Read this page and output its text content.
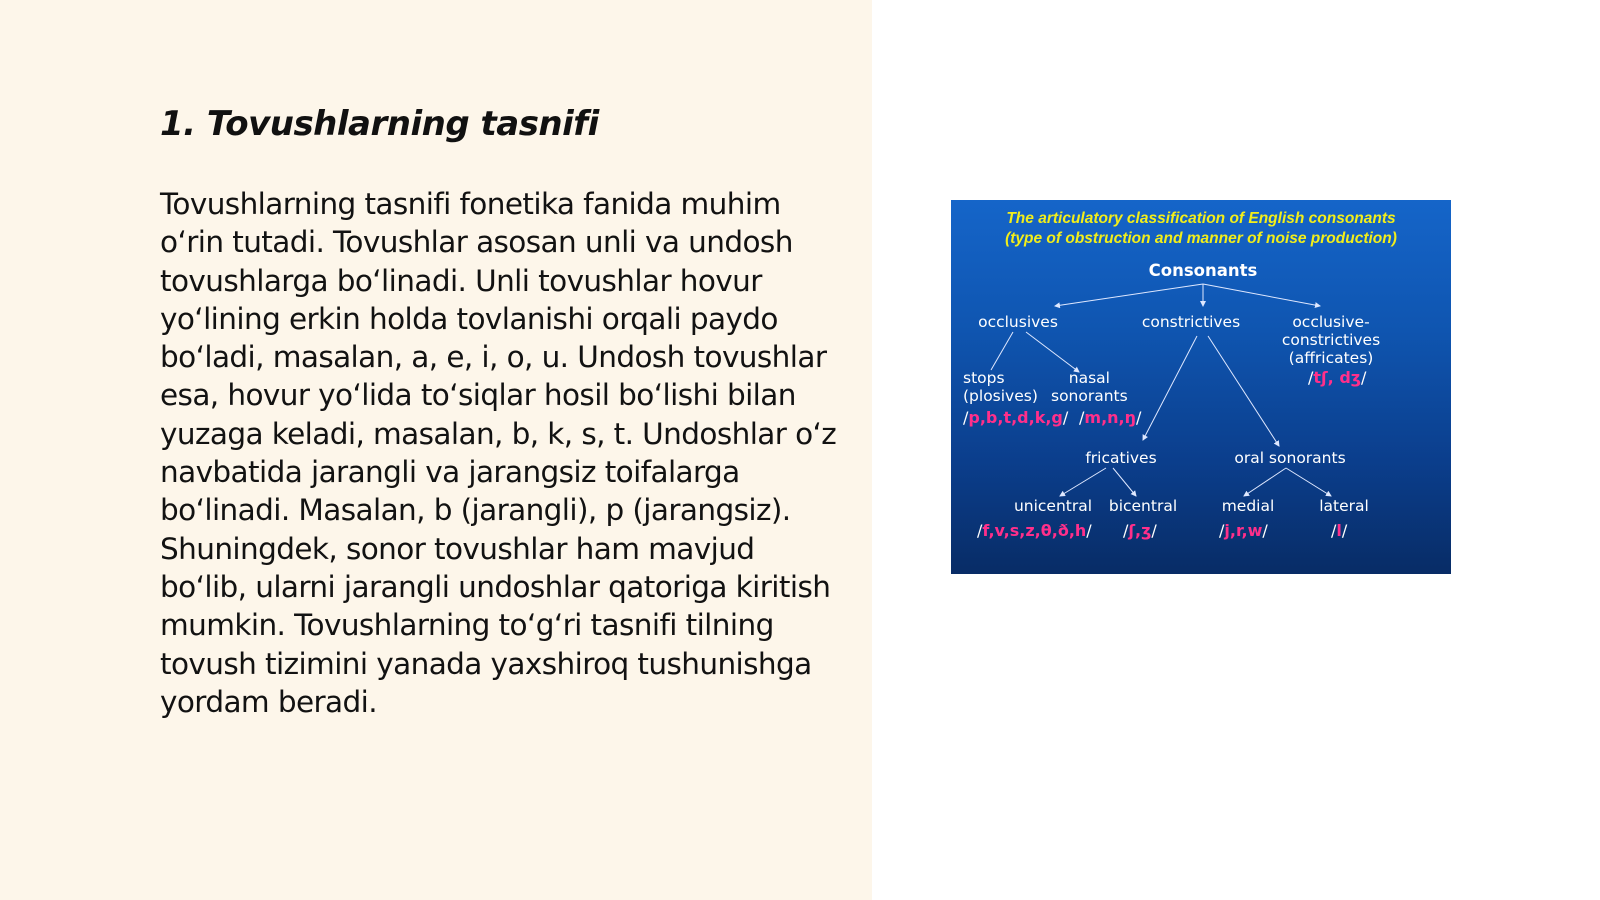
1. Tovushlarning tasnifi

Tovushlarning tasnifi fonetika fanida muhim o‘rin tutadi. Tovushlar asosan unli va undosh tovushlarga bo‘linadi. Unli tovushlar hovur yo‘lining erkin holda tovlanishi orqali paydo bo‘ladi, masalan, a, e, i, o, u. Undosh tovushlar esa, hovur yo‘lida to‘siqlar hosil bo‘lishi bilan yuzaga keladi, masalan, b, k, s, t. Undoshlar o‘z navbatida jarangli va jarangsiz toifalarga bo‘linadi. Masalan, b (jarangli), p (jarangsiz). Shuningdek, sonor tovushlar ham mavjud bo‘lib, ularni jarangli undoshlar qatoriga kiritish mumkin. Tovushlarning to‘g‘ri tasnifi tilning tovush tizimini yanada yaxshiroq tushunishga yordam beradi.

The articulatory classification of English consonants
(type of obstruction and manner of noise production)
Consonants
occlusives	constrictives	occlusive-
constrictives
(affricates)
/tʃ, dʒ/
stops
(plosives)
nasal
sonorants
/p,b,t,d,k,g/ /m,n,ŋ/
fricatives	oral sonorants
unicentral bicentral	medial	lateral
/f,v,s,z,θ,ð,h/ /ʃ,ʒ/	/j,r,w/	/l/
